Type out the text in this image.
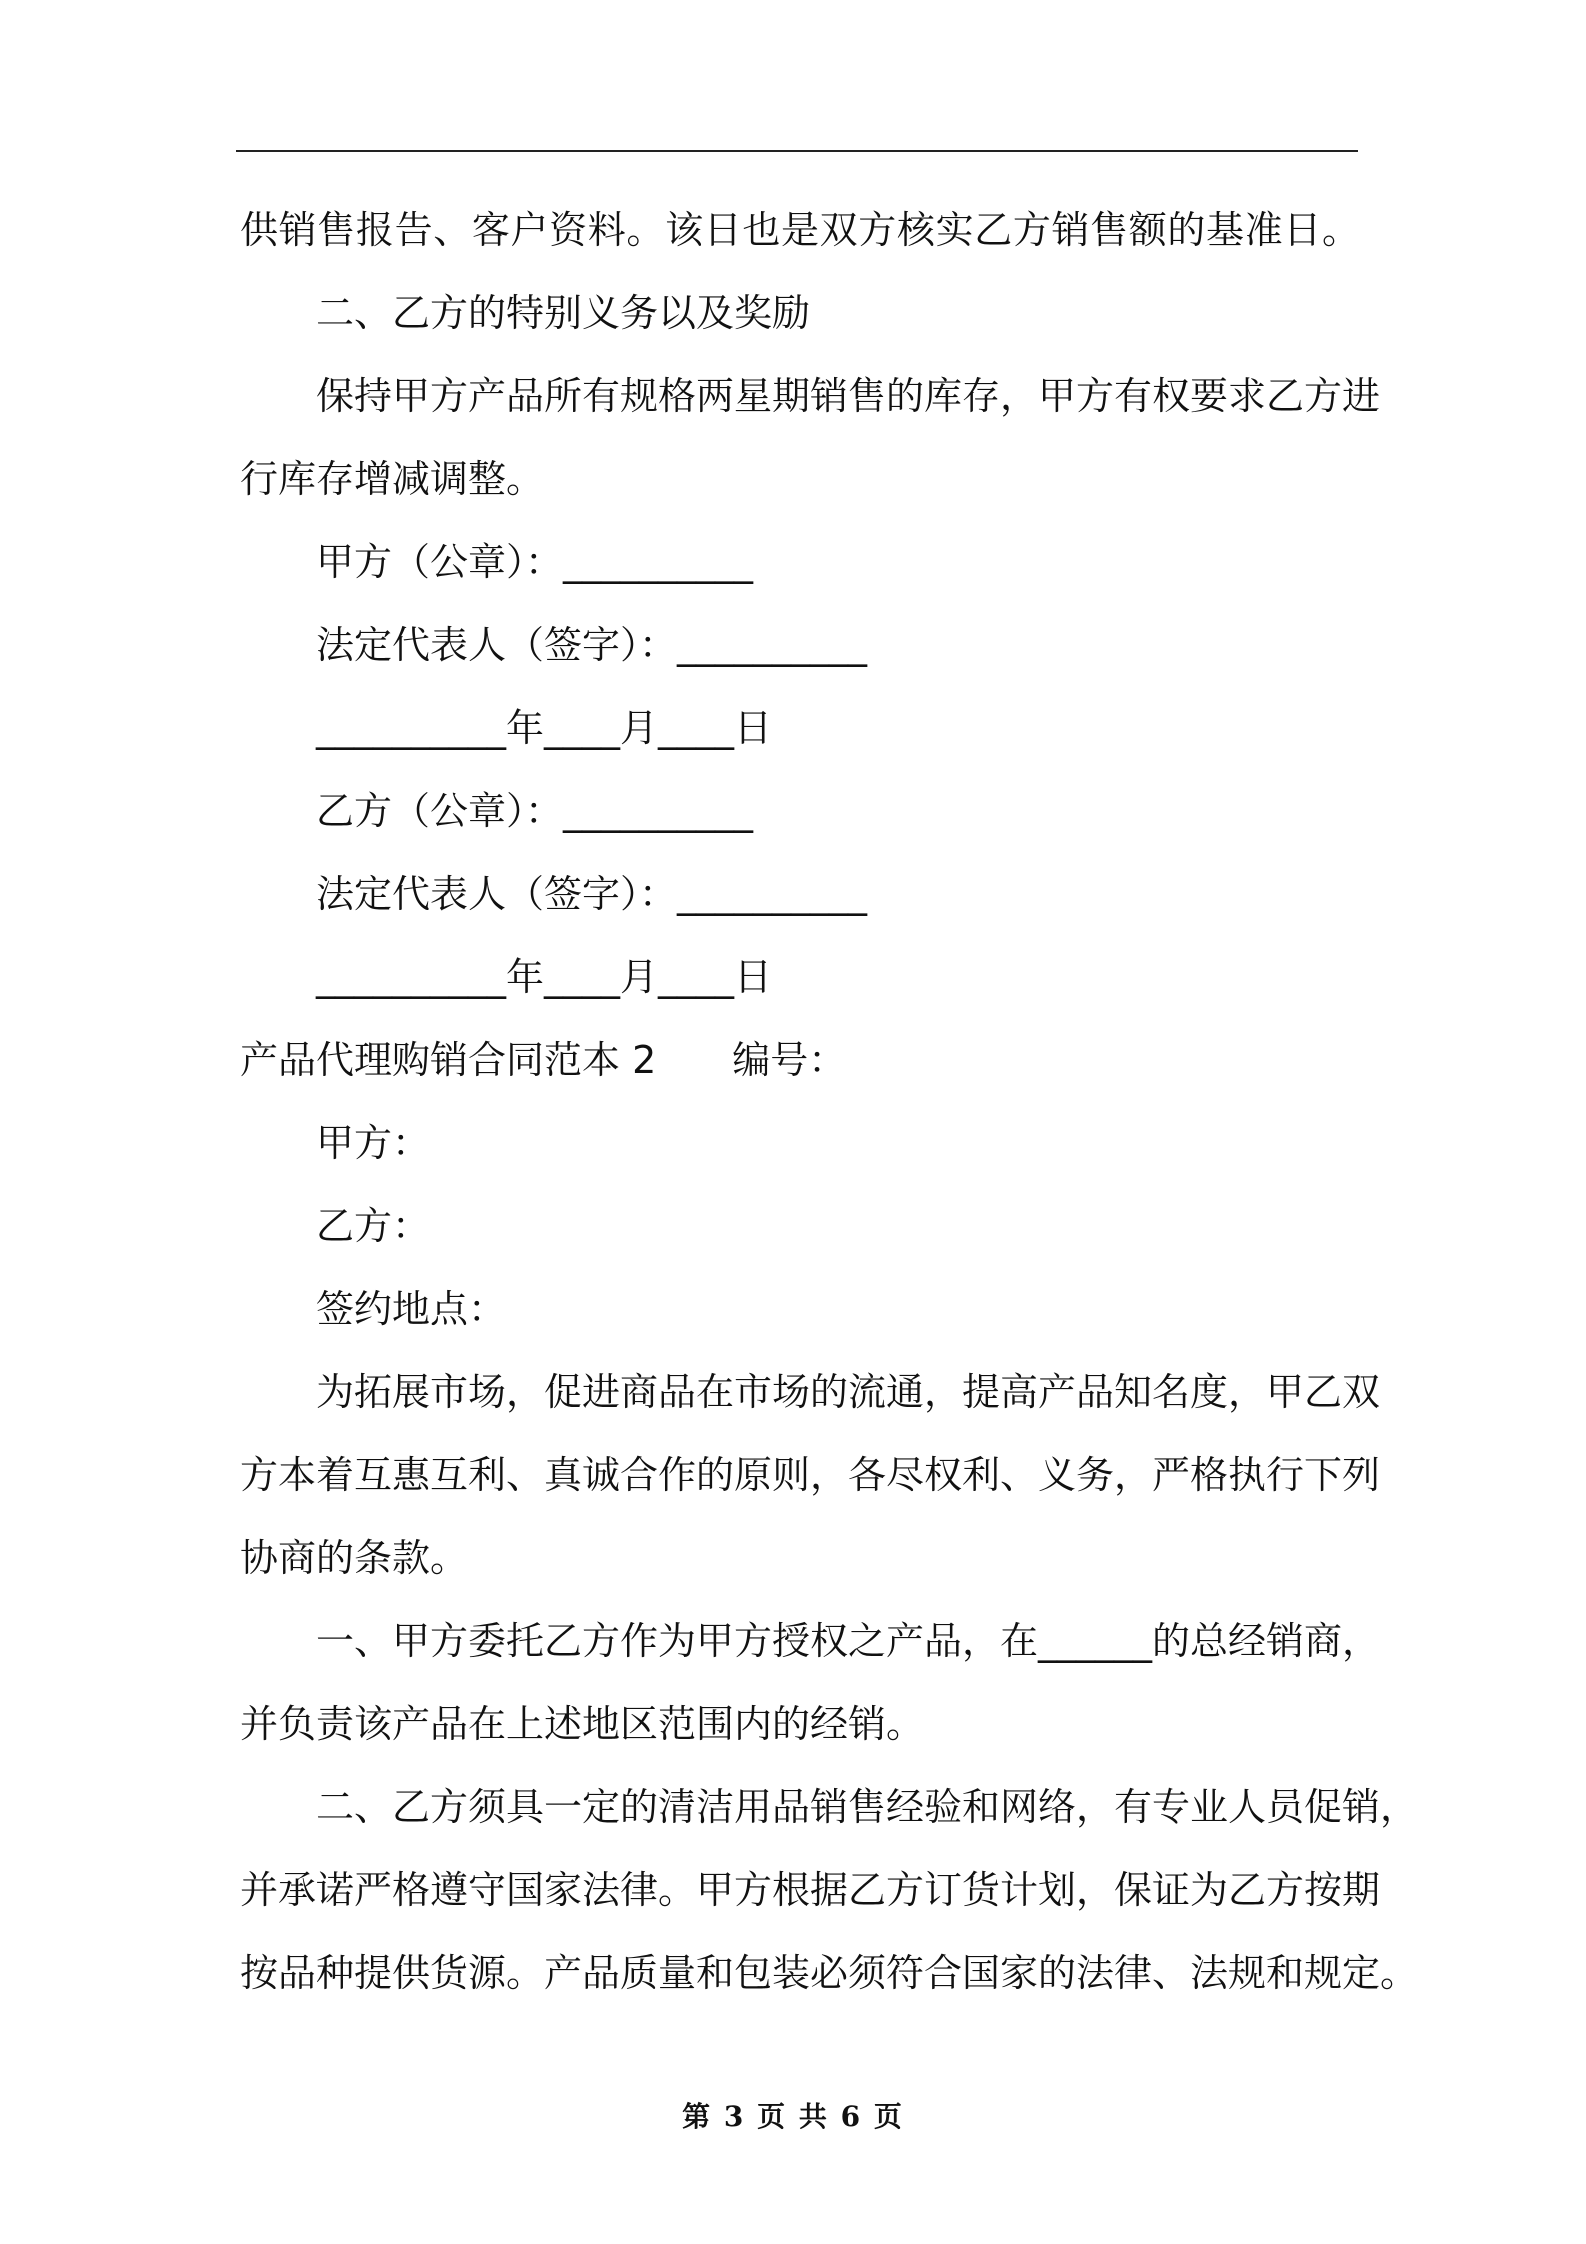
供销售报告、客户资料。该日也是双方核实乙方销售额的基准日。
二、乙方的特别义务以及奖励
保持甲方产品所有规格两星期销售的库存，甲方有权要求乙方进
行库存增减调整。
甲方（公章）：__________
法定代表人（签字）：__________
__________年____月____日
乙方（公章）：__________
法定代表人（签字）：__________
__________年____月____日
产品代理购销合同范本 2　　编号：
甲方：
乙方：
签约地点：
为拓展市场，促进商品在市场的流通，提高产品知名度，甲乙双
方本着互惠互利、真诚合作的原则，各尽权利、义务，严格执行下列
协商的条款。
一、甲方委托乙方作为甲方授权之产品，在______的总经销商，
并负责该产品在上述地区范围内的经销。
二、乙方须具一定的清洁用品销售经验和网络，有专业人员促销，
并承诺严格遵守国家法律。甲方根据乙方订货计划，保证为乙方按期
按品种提供货源。产品质量和包装必须符合国家的法律、法规和规定。
第 3 页 共 6 页
